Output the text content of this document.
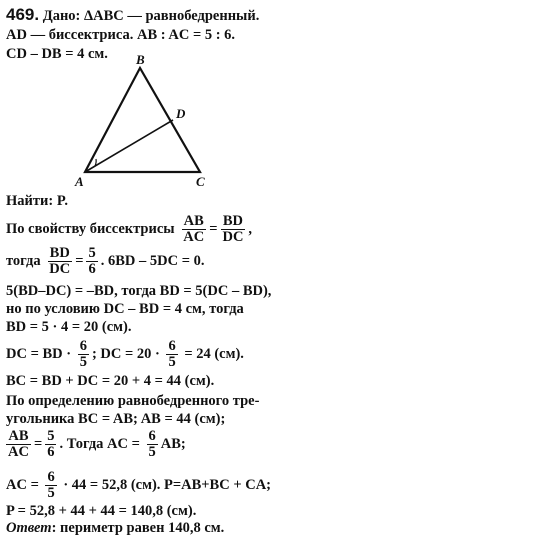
469. Дано: ΔABC — равнобедренный.
AD — биссектриса. AB : AC = 5 : 6.
CD – DB = 4 см.
A
B
C
D
Найти: P.
По свойству биссектрисы $\frac{AB}{AC} = \frac{BD}{DC}$ ,
тогда $\frac{BD}{DC} = \frac{5}{6}$ . 6BD – 5DC = 0.
5(BD–DC) = –BD, тогда BD = 5(DC – BD),
но по условию DC – BD = 4 см, тогда
BD = 5 · 4 = 20 (см).
DC = BD · $\frac{6}{5}$ ; DC = $20 \cdot \frac{6}{5} = 24$ (см).
BC = BD + DC = 20 + 4 = 44 (см).
По определению равнобедренного тре-
угольника BC = AB; AB = 44 (см);
$\frac{AB}{AC} = \frac{5}{6}$ . Тогда AC = $\frac{6}{5}$ AB;
AC = $\frac{6}{5} \cdot 44 = 52,8$ (см). P=AB+BC + CA;
P = 52,8 + 44 + 44 = 140,8 (см).
Ответ: периметр равен 140,8 см.
